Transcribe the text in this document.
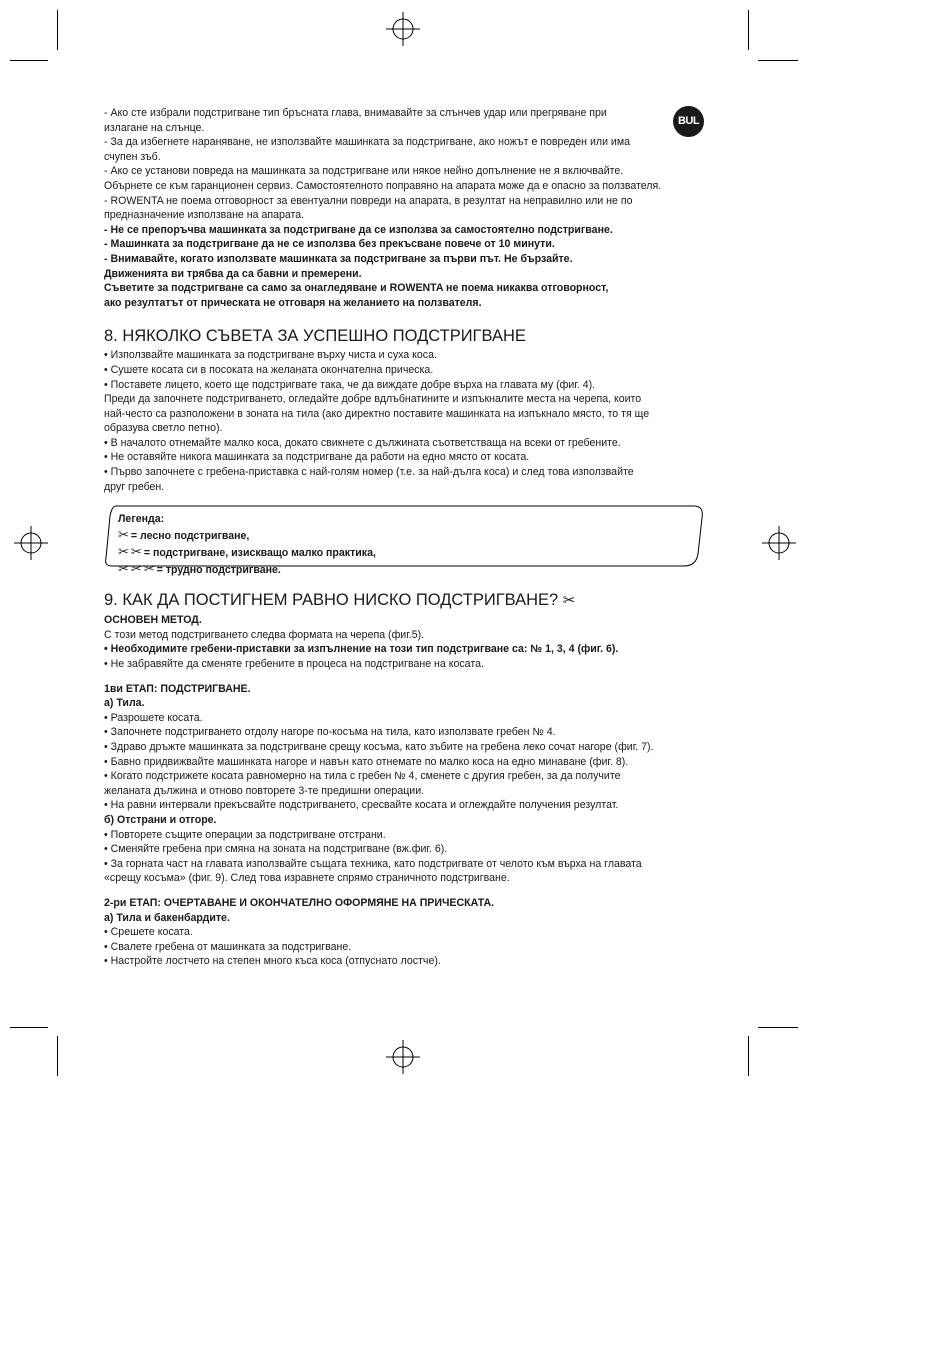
BUL
- Ако сте избрали подстригване тип бръсната глава, внимавайте за слънчев удар или прегряване при
излагане на слънце.
- За да избегнете нараняване, не използвайте машинката за подстригване, ако ножът е повреден или има
счупен зъб.
- Ако се установи повреда на машинката за подстригване или някое нейно допълнение не я включвайте.
Обърнете се към гаранционен сервиз. Самостоятелното поправяно на апарата може да е опасно за ползвателя.
- ROWENTA не поема отговорност за евентуални повреди на апарата, в резултат на неправилно или не по
предназначение използване на апарата.
- Не се препоръчва машинката за подстригване да се използва за самостоятелно подстригване.
- Машинката за подстригване да не се използва без прекъсване повече от 10 минути.
- Внимавайте, когато използвате машинката за подстригване за първи път. Не бързайте.
Движенията ви трябва да са бавни и премерени.
Съветите за подстригване са само за онагледяване и ROWENTA не поема никаква отговорност,
ако резултатът от прическата не отговаря на желанието на ползвателя.
8. НЯКОЛКО СЪВЕТА ЗА УСПЕШНО ПОДСТРИГВАНЕ
• Използвайте машинката за подстригване върху чиста и суха коса.
• Сушете косата си в посоката на желаната окончателна прическа.
• Поставете лицето, което ще подстригвате така, че да виждате добре върха на главата му (фиг. 4).
Преди да започнете подстригването, огледайте добре вдлъбнатините и изпъкналите места на черепа, които
най-често са разположени в зоната на тила (ако директно поставите машинката на изпъкнало място, то тя ще
образува светло петно).
• В началото отнемайте малко коса, докато свикнете с дължината съответстваща на всеки от гребените.
• Не оставяйте никога машинката за подстригване да работи на едно място от косата.
• Първо започнете с гребена-приставка с най-голям номер (т.е. за най-дълга коса) и след това използвайте
друг гребен.
Легенда:
✂ = лесно подстригване,
✂ ✂ = подстригване, изискващо малко практика,
✂ ✂ ✂ = трудно подстригване.
9. КАК ДА ПОСТИГНЕМ РАВНО НИСКО ПОДСТРИГВАНЕ? ✂
ОСНОВЕН МЕТОД.
С този метод подстригването следва формата на черепа (фиг.5).
• Необходимите гребени-приставки за изпълнение на този тип подстригване са: № 1, 3, 4 (фиг. 6).
• Не забравяйте да сменяте гребените в процеса на подстригване на косата.
1ви ЕТАП: ПОДСТРИГВАНЕ.
а) Тила.
• Разрошете косата.
• Започнете подстригването отдолу нагоре по-косъма на тила, като използвате гребен № 4.
• Здраво дръжте машинката за подстригване срещу косъма, като зъбите на гребена леко сочат нагоре (фиг. 7).
• Бавно придвижвайте машинката нагоре и навън като отнемате по малко коса на едно минаване (фиг. 8).
• Когато подстрижете косата равномерно на тила с гребен № 4, сменете с другия гребен, за да получите
желаната дължина и отново повторете 3-те предишни операции.
• На равни интервали прекъсвайте подстригването, сресвайте косата и оглеждайте получения резултат.
б) Отстрани и отгоре.
• Повторете същите операции за подстригване отстрани.
• Сменяйте гребена при смяна на зоната на подстригване (вж.фиг. 6).
• За горната част на главата използвайте същата техника, като подстригвате от челото към върха на главата
«срещу косъма» (фиг. 9). След това изравнете спрямо страничното подстригване.
2-ри ЕТАП: ОЧЕРТАВАНЕ И ОКОНЧАТЕЛНО ОФОРМЯНЕ НА ПРИЧЕСКАТА.
а) Тила и бакенбардите.
• Срешете косата.
• Свалете гребена от машинката за подстригване.
• Настройте лостчето на степен много къса коса (отпуснато лостче).
